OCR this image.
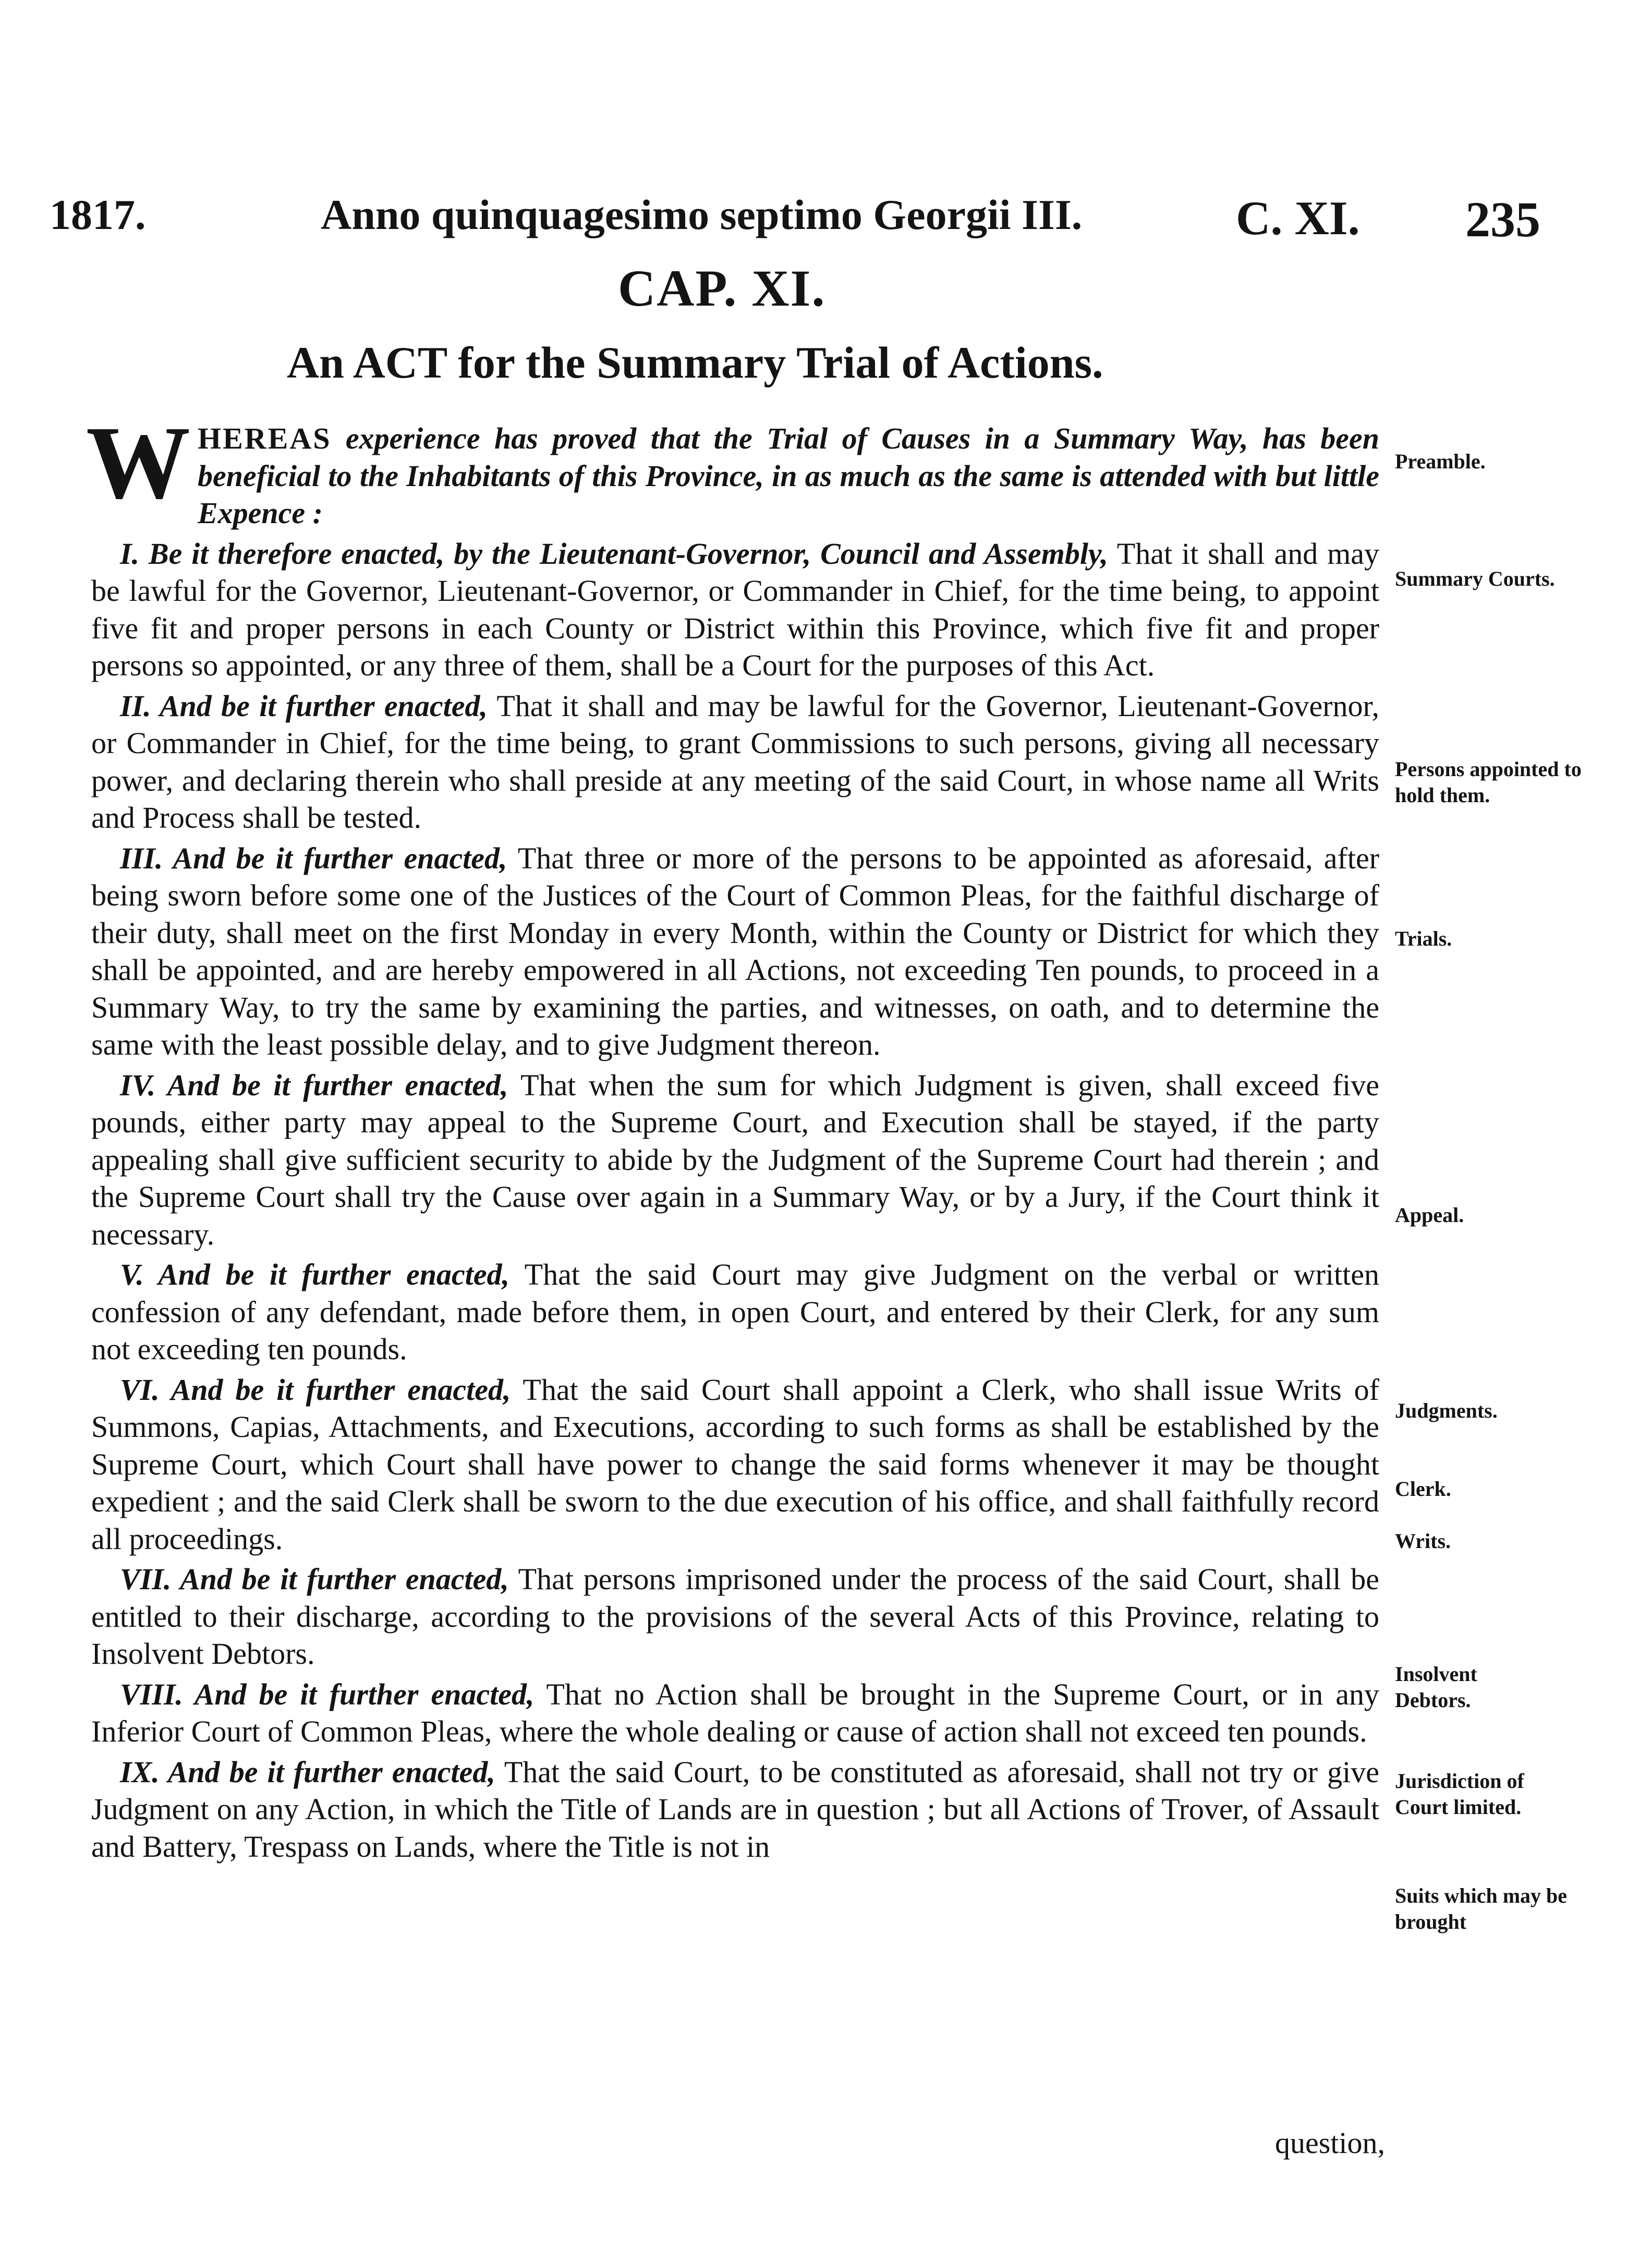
1817.	Anno quinquagesimo septimo Georgii III.	C. XI. 235
CAP. XI.
An ACT for the Summary Trial of Actions.

WHEREAS experience has proved that the Trial of Causes in a Summary Way, has been beneficial to the Inhabitants of this Province, in as much as the same is attended with but little Expence :

I. Be it therefore enacted, by the Lieutenant-Governor, Council and Assembly, That it shall and may be lawful for the Governor, Lieutenant-Governor, or Commander in Chief, for the time being, to appoint five fit and proper persons in each County or District within this Province, which five fit and proper persons so appointed, or any three of them, shall be a Court for the purposes of this Act.

II. And be it further enacted, That it shall and may be lawful for the Governor, Lieutenant-Governor, or Commander in Chief, for the time being, to grant Commissions to such persons, giving all necessary power, and declaring therein who shall preside at any meeting of the said Court, in whose name all Writs and Process shall be tested.

III. And be it further enacted, That three or more of the persons to be appointed as aforesaid, after being sworn before some one of the Justices of the Court of Common Pleas, for the faithful discharge of their duty, shall meet on the first Monday in every Month, within the County or District for which they shall be appointed, and are hereby empowered in all Actions, not exceeding Ten pounds, to proceed in a Summary Way, to try the same by examining the parties, and witnesses, on oath, and to determine the same with the least possible delay, and to give Judgment thereon.

IV. And be it further enacted, That when the sum for which Judgment is given, shall exceed five pounds, either party may appeal to the Supreme Court, and Execution shall be stayed, if the party appealing shall give sufficient security to abide by the Judgment of the Supreme Court had therein ; and the Supreme Court shall try the Cause over again in a Summary Way, or by a Jury, if the Court think it necessary.

V. And be it further enacted, That the said Court may give Judgment on the verbal or written confession of any defendant, made before them, in open Court, and entered by their Clerk, for any sum not exceeding ten pounds.

VI. And be it further enacted, That the said Court shall appoint a Clerk, who shall issue Writs of Summons, Capias, Attachments, and Executions, according to such forms as shall be established by the Supreme Court, which Court shall have power to change the said forms whenever it may be thought expedient ; and the said Clerk shall be sworn to the due execution of his office, and shall faithfully record all proceedings.

VII. And be it further enacted, That persons imprisoned under the process of the said Court, shall be entitled to their discharge, according to the provisions of the several Acts of this Province, relating to Insolvent Debtors.

VIII. And be it further enacted, That no Action shall be brought in the Supreme Court, or in any Inferior Court of Common Pleas, where the whole dealing or cause of action shall not exceed ten pounds.

IX. And be it further enacted, That the said Court, to be constituted as aforesaid, shall not try or give Judgment on any Action, in which the Title of Lands are in question ; but all Actions of Trover, of Assault and Battery, Trespass on Lands, where the Title is not in

question,
Preamble.
Summary Courts.
Persons appointed to hold them.
Trials.
Appeal.
Judgments.
Clerk.
Writs.
Insolvent Debtors.
Jurisdiction of Court limited.
Suits which may be brought
